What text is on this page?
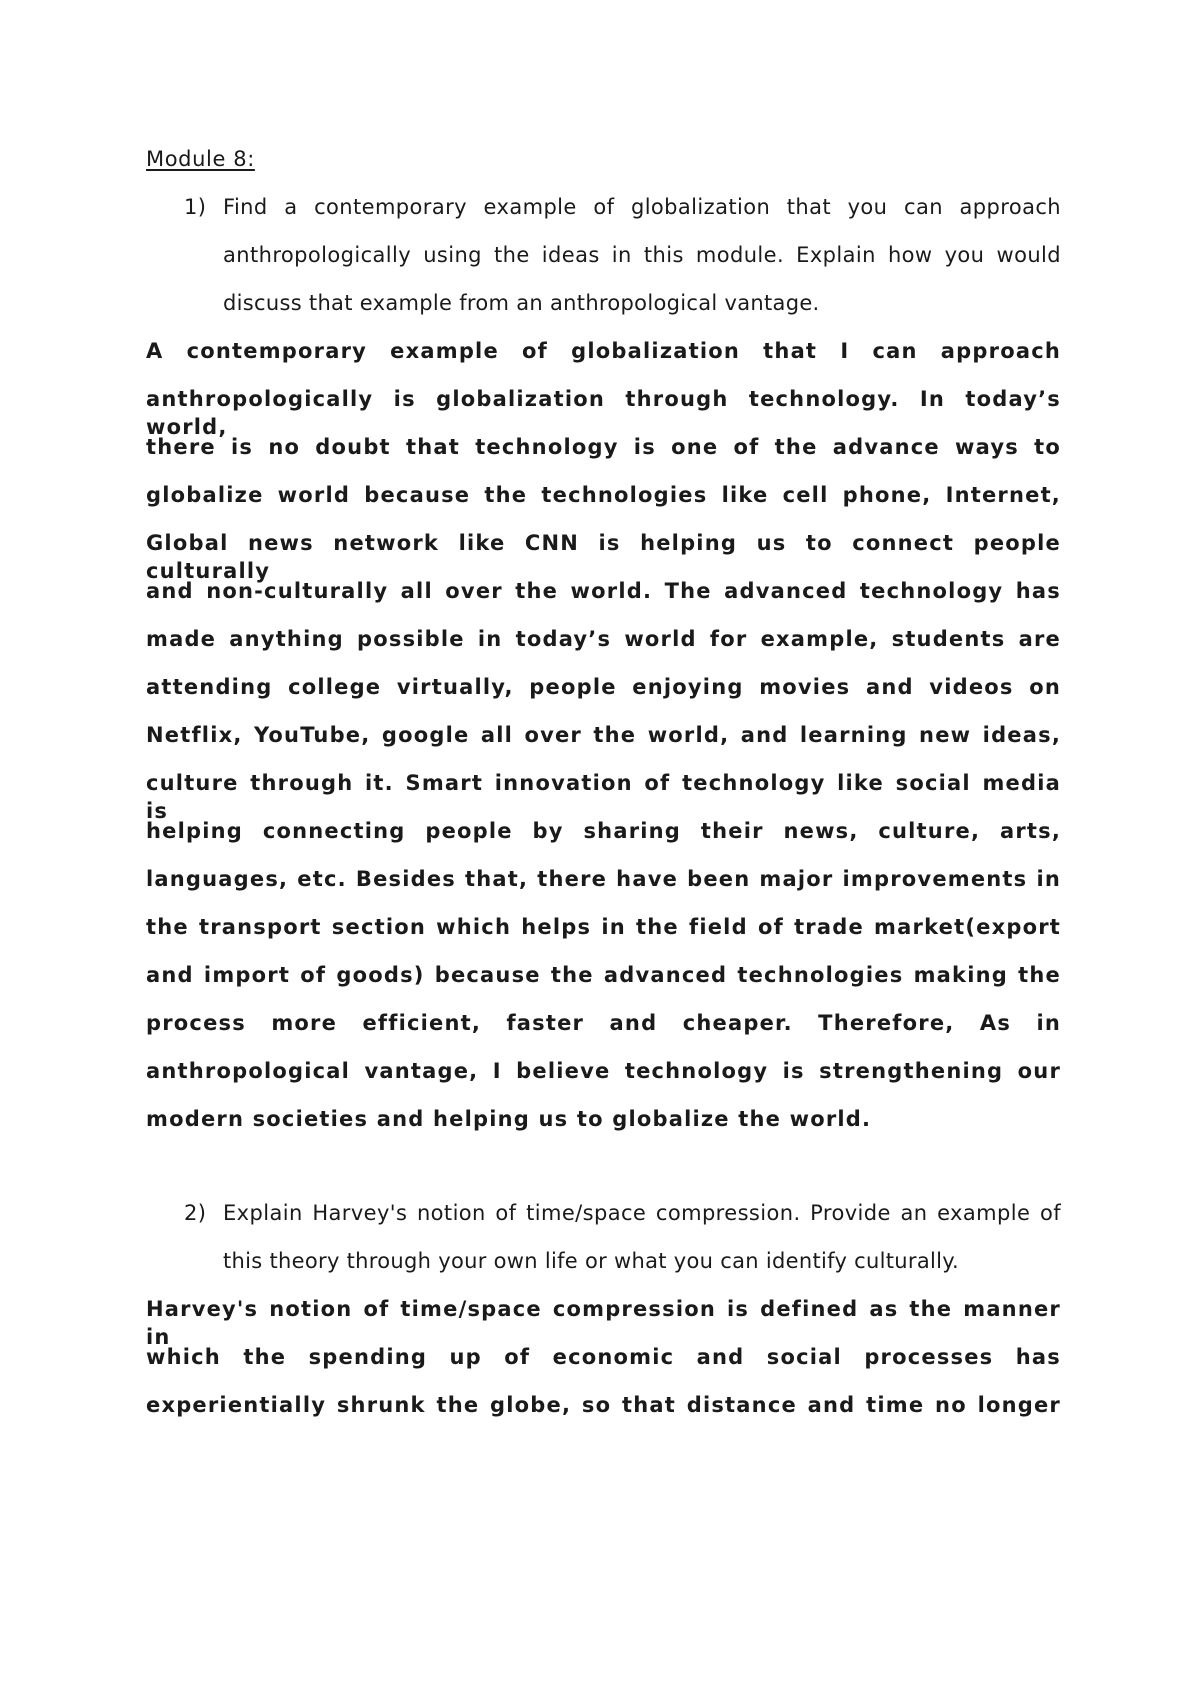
Module 8:
1) Find a contemporary example of globalization that you can approach
anthropologically using the ideas in this module. Explain how you would
discuss that example from an anthropological vantage.
A contemporary example of globalization that I can approach
anthropologically is globalization through technology. In today’s world,
there is no doubt that technology is one of the advance ways to
globalize world because the technologies like cell phone, Internet,
Global news network like CNN is helping us to connect people culturally
and non-culturally all over the world. The advanced technology has
made anything possible in today’s world for example, students are
attending college virtually, people enjoying movies and videos on
Netflix, YouTube, google all over the world, and learning new ideas,
culture through it. Smart innovation of technology like social media is
helping connecting people by sharing their news, culture, arts,
languages, etc. Besides that, there have been major improvements in
the transport section which helps in the field of trade market(export
and import of goods) because the advanced technologies making the
process more efficient, faster and cheaper. Therefore, As in
anthropological vantage, I believe technology is strengthening our
modern societies and helping us to globalize the world.
2) Explain Harvey's notion of time/space compression. Provide an example of
this theory through your own life or what you can identify culturally.
Harvey's notion of time/space compression is defined as the manner in
which the spending up of economic and social processes has
experientially shrunk the globe, so that distance and time no longer
